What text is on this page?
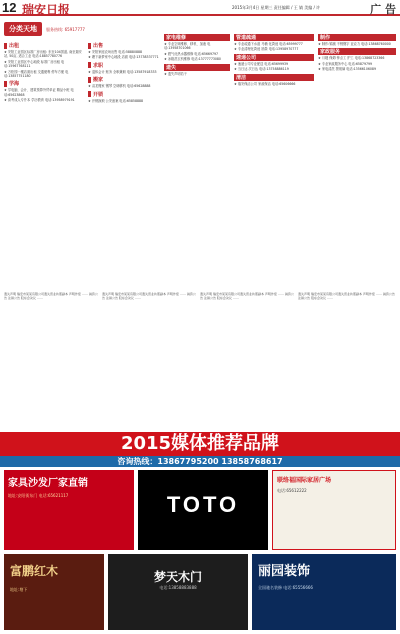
12 瑞安日报	2015年3月4日 星期三 责任编辑 / 王 婧 美编 / 许	广 告
分类天地	服务热线: 65917777
出租
★ 安阳工业园区标准厂房出租: 东至104国道, 南至瑞安站, 50亩, 适合工业 电话:18857780776
★ 安阳工业园区中心地段 标准厂房出租 电话:15967768111
★ 万松园一楼店面出租 交通便利 停车方便 电话:13857751180
学海
★ 学电脑、会计、建筑预算外贸单证 精品小班 电话:65623868
★ 高考成人专升本 学历教育 电话:13958979191
出售
★ 安阳家庭农场出售 电话:58880888
★ 塘下新梦家中心地段 店面 电话:13738337771
求职
★ 退休会计 账务 全职兼职 电话:13587918333
搬家
★ 双龙搬家 钢琴 空调移机 电话:65628888
开锁
★ 开锁换锁 公安备案 电话:65858888
家电维修
★ 专业空调维修、移机、加液 电话:13958701066
★ 燃气灶热水器维修 电话:65669797
★ 冰箱洗衣机维修 电话:13777773080
遗失
★ 遗失声明若干
管道疏通
★ 专业疏通下水道 马桶 化粪池 电话:65999777
★ 专业清理化粪池 抽粪 电话:13958970777
速递公司
★ 速递公司专业配送 电话:65699939
★ 当日达 次日达 电话:13758886119
清洁
★ 瑞安保洁公司 家政保洁 电话:65606666
制作
★ 制作:锦旗 不锈钢字 亚克力 电话:13868760000
家政服务
★ 月嫂 保姆 钟点工 护工 电话:13868723366
★ 专业家政服务中心 电话:65879799
★ 家电清洗 擦玻璃 电话:13566106089
遗失声明 瑞安市某某有限公司遗失营业执照副本 声明作废 …… 减资公告 注销公告 股东会决议 ……
遗失声明 瑞安市某某有限公司遗失营业执照副本 声明作废 …… 减资公告 注销公告 股东会决议 ……
遗失声明 瑞安市某某有限公司遗失营业执照副本 声明作废 …… 减资公告 注销公告 股东会决议 ……
遗失声明 瑞安市某某有限公司遗失营业执照副本 声明作废 …… 减资公告 注销公告 股东会决议 ……
2015媒体推荐品牌
咨询热线：13867795200 13858768617
家具沙发厂家直销
地址:安阳街东门 电话:65621117	TOTO
联络福国际家居广场
电话:65612222
富鹏红木
地址:塘下
梦天木门
电话:13858883888
丽园装饰
全国驰名装修 电话:65556666
